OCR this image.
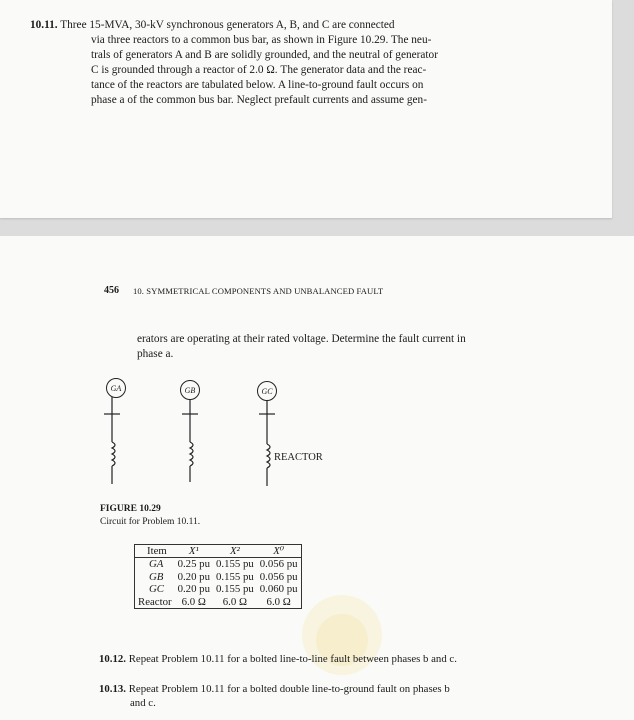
10.11. Three 15-MVA, 30-kV synchronous generators A, B, and C are connected
via three reactors to a common bus bar, as shown in Figure 10.29. The neu-
trals of generators A and B are solidly grounded, and the neutral of generator
C is grounded through a reactor of 2.0 Ω. The generator data and the reac-
tance of the reactors are tabulated below. A line-to-ground fault occurs on
phase a of the common bus bar. Neglect prefault currents and assume gen-
456 10. SYMMETRICAL COMPONENTS AND UNBALANCED FAULT
erators are operating at their rated voltage. Determine the fault current in
phase a.
GA	GB	GC
REACTOR
FIGURE 10.29
Circuit for Problem 10.11.
Item	X¹	X²	X⁰
GA	0.25 pu	0.155 pu	0.056 pu
GB	0.20 pu	0.155 pu	0.056 pu
GC	0.20 pu	0.155 pu	0.060 pu
Reactor	6.0 Ω	6.0 Ω	6.0 Ω
10.12. Repeat Problem 10.11 for a bolted line-to-line fault between phases b and c.
10.13. Repeat Problem 10.11 for a bolted double line-to-ground fault on phases b
and c.
